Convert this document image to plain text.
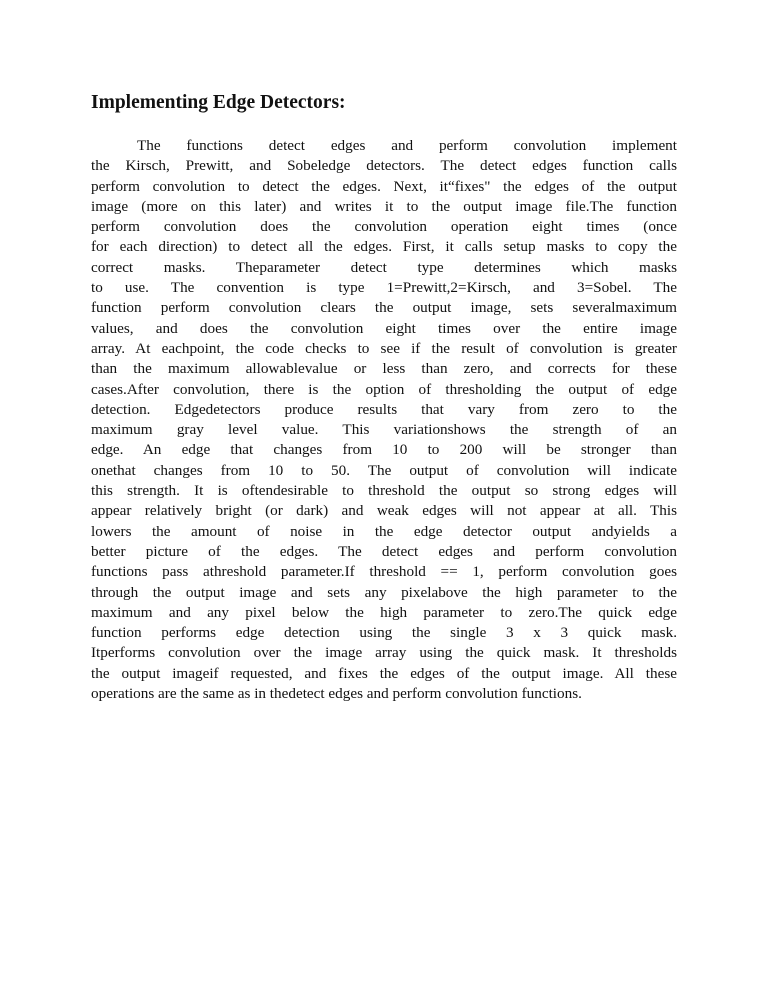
Implementing Edge Detectors:
The functions detect edges and perform convolution implement
the Kirsch, Prewitt, and Sobeledge detectors. The detect edges function calls
perform convolution to detect the edges. Next, it“fixes" the edges of the output
image (more on this later) and writes it to the output image file.The function
perform convolution does the convolution operation eight times (once
for each direction) to detect all the edges. First, it calls setup masks to copy the
correct masks. Theparameter detect type determines which masks
to use. The convention is type 1=Prewitt,2=Kirsch, and 3=Sobel. The
function perform convolution clears the output image, sets severalmaximum
values, and does the convolution eight times over the entire image
array. At eachpoint, the code checks to see if the result of convolution is greater
than the maximum allowablevalue or less than zero, and corrects for these
cases.After convolution, there is the option of thresholding the output of edge
detection. Edgedetectors produce results that vary from zero to the
maximum gray level value. This variationshows the strength of an
edge. An edge that changes from 10 to 200 will be stronger than
onethat changes from 10 to 50. The output of convolution will indicate
this strength. It is oftendesirable to threshold the output so strong edges will
appear relatively bright (or dark) and weak edges will not appear at all. This
lowers the amount of noise in the edge detector output andyields a
better picture of the edges. The detect edges and perform convolution
functions pass athreshold parameter.If threshold == 1, perform convolution goes
through the output image and sets any pixelabove the high parameter to the
maximum and any pixel below the high parameter to zero.The quick edge
function performs edge detection using the single 3 x 3 quick mask.
Itperforms convolution over the image array using the quick mask. It thresholds
the output imageif requested, and fixes the edges of the output image. All these
operations are the same as in thedetect edges and perform convolution functions.
